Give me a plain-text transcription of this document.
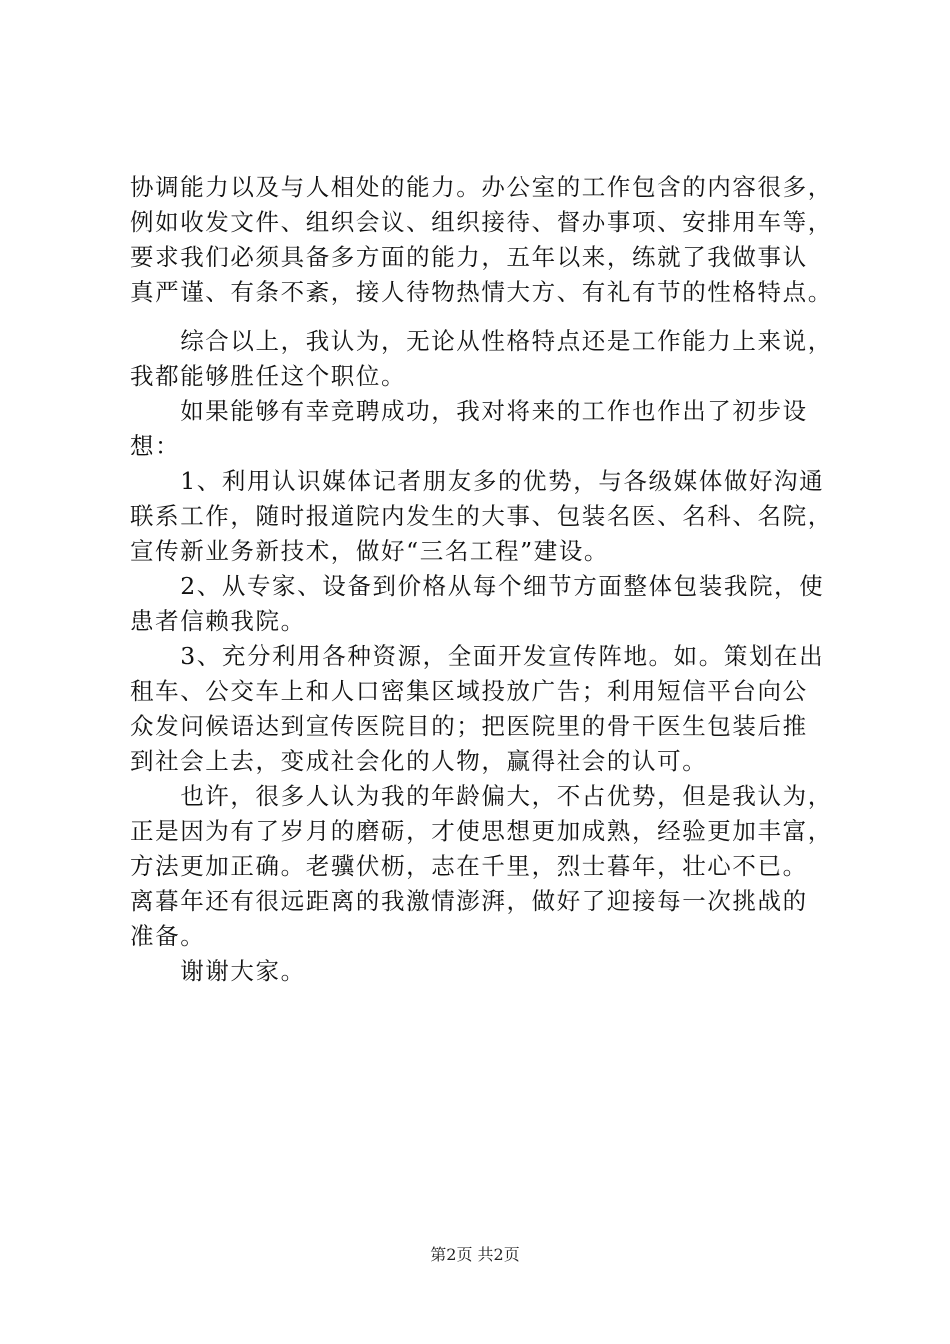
协调能力以及与人相处的能力。办公室的工作包含的内容很多，
例如收发文件、组织会议、组织接待、督办事项、安排用车等，
要求我们必须具备多方面的能力，五年以来，练就了我做事认
真严谨、有条不紊，接人待物热情大方、有礼有节的性格特点。
　　综合以上，我认为，无论从性格特点还是工作能力上来说，
我都能够胜任这个职位。
　　如果能够有幸竞聘成功，我对将来的工作也作出了初步设
想：
　　1、利用认识媒体记者朋友多的优势，与各级媒体做好沟通
联系工作，随时报道院内发生的大事、包装名医、名科、名院，
宣传新业务新技术，做好“三名工程”建设。
　　2、从专家、设备到价格从每个细节方面整体包装我院，使
患者信赖我院。
　　3、充分利用各种资源，全面开发宣传阵地。如。策划在出
租车、公交车上和人口密集区域投放广告；利用短信平台向公
众发问候语达到宣传医院目的；把医院里的骨干医生包装后推
到社会上去，变成社会化的人物，赢得社会的认可。
　　也许，很多人认为我的年龄偏大，不占优势，但是我认为，
正是因为有了岁月的磨砺，才使思想更加成熟，经验更加丰富，
方法更加正确。老骥伏枥，志在千里，烈士暮年，壮心不已。
离暮年还有很远距离的我激情澎湃，做好了迎接每一次挑战的
准备。
　　谢谢大家。
第2页 共2页
